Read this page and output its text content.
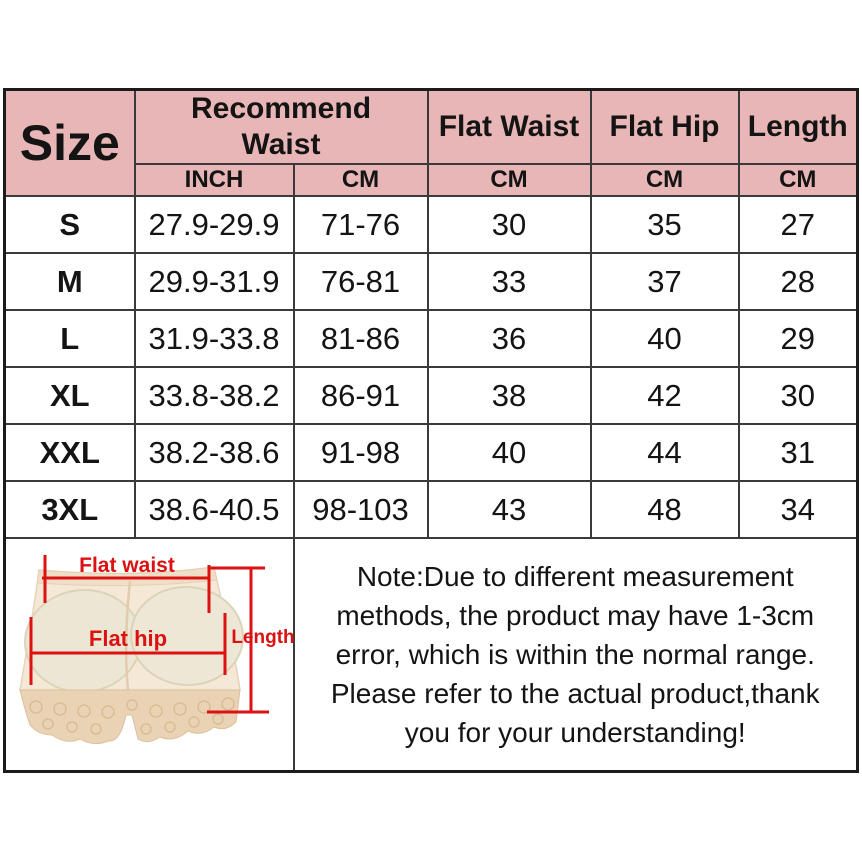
Size	Recommend Waist		Flat Waist	Flat Hip	Length
	INCH	CM	CM	CM	CM
S	27.9-29.9	71-76	30	35	27
M	29.9-31.9	76-81	33	37	28
L	31.9-33.8	81-86	36	40	29
XL	33.8-38.2	86-91	38	42	30
XXL	38.2-38.6	91-98	40	44	31
3XL	38.6-40.5	98-103	43	48	34

Flat waist
Flat hip	Length

Note:Due to different measurement
methods, the product may have 1-3cm
error, which is within the normal range.
Please refer to the actual product,thank
you for your understanding!
